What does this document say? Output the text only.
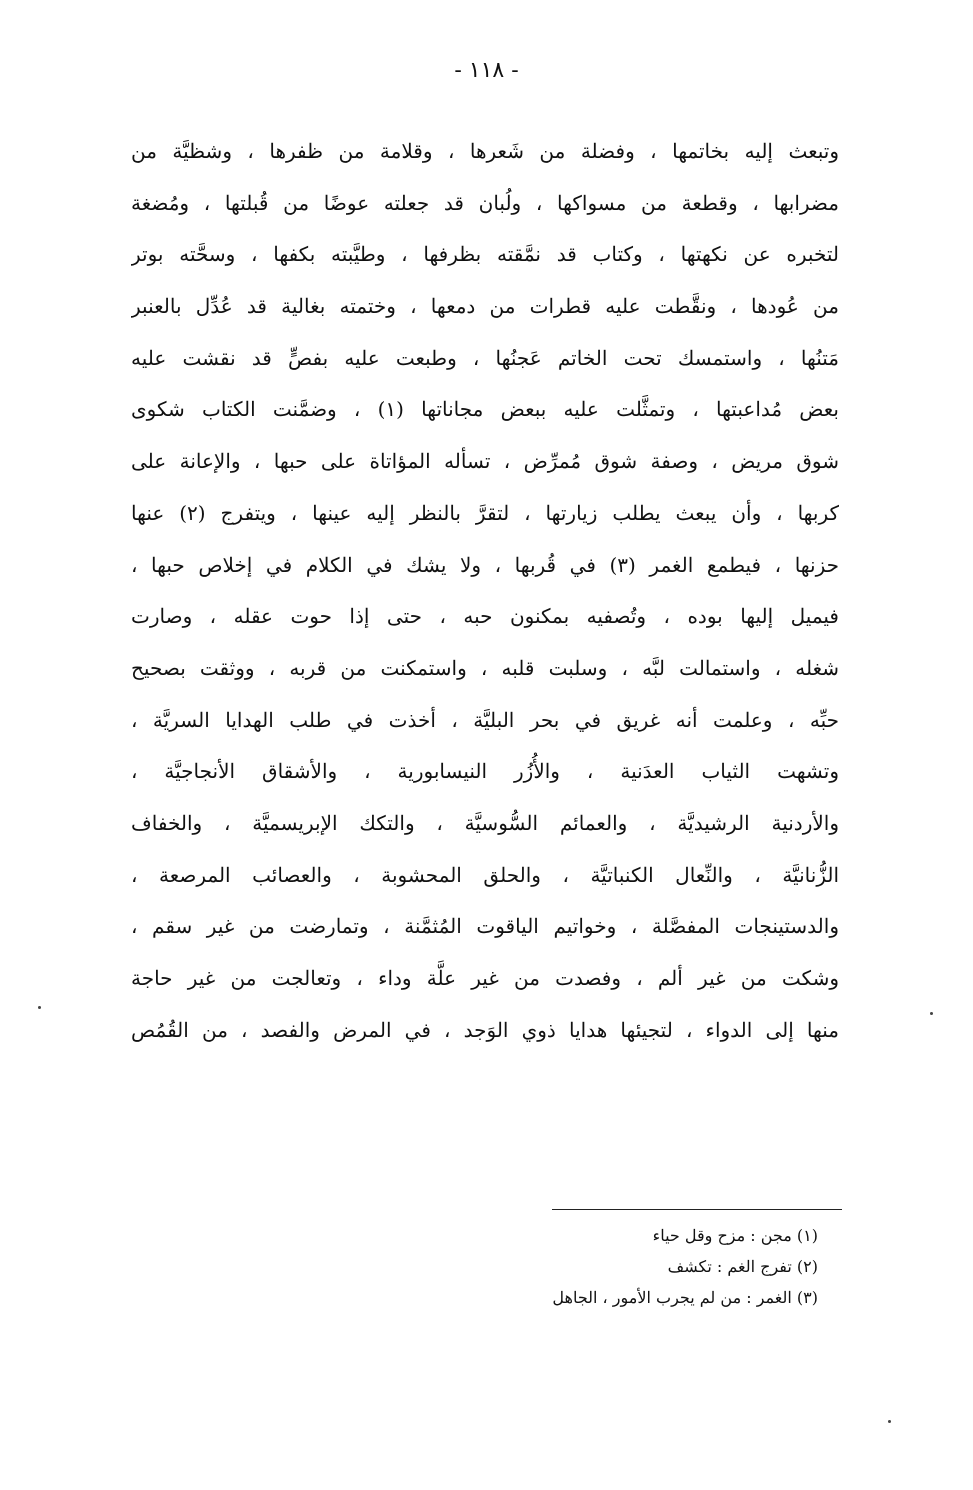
- ١١٨ -
وتبعث إليه بخاتمها ، وفضلة من شَعرها ، وقلامة من ظفرها ، وشظيَّة من
مضرابها ، وقطعة من مسواكها ، ولُبان قد جعلته عوضًا من قُبلتها ، ومُضغة
لتخبره عن نكهتها ، وكتاب قد نمَّقته بظرفها ، وطيَّبته بكفها ، وسحَّته بوتر
من عُودها ، ونقَّطت عليه قطرات من دمعها ، وختمته بغالية قد عُدِّل بالعنبر
مَتنُها ، واستمسك تحت الخاتم عَجنُها ، وطبعت عليه بفصٍّ قد نقشت عليه
بعض مُداعبتها ، وتمثَّلت عليه ببعض مجاناتها (١) ، وضمَّنت الكتاب شكوى
شوق مريض ، وصفة شوق مُمرِّض ، تسأله المؤاتاة على حبها ، والإعانة على
كربها ، وأن يبعث يطلب زيارتها ، لتقرَّ بالنظر إليه عينها ، ويتفرج (٢) عنها
حزنها ، فيطمع الغمر (٣) في قُربها ، ولا يشك في الكلام في إخلاص حبها ،
فيميل إليها بوده ، وتُصفيه بمكنون حبه ، حتى إذا حوت عقله ، وصارت
شغله ، واستمالت لبَّه ، وسلبت قلبه ، واستمكنت من قربه ، ووثقت بصحيح
حبِّه ، وعلمت أنه غريق في بحر البليَّة ، أخذت في طلب الهدايا السريَّة ،
وتشهت الثياب العدَنية ، والأُزُر النيسابورية ، والأشقاق الأنجاجيَّة ،
والأردنية الرشيديَّة ، والعمائم السُّوسيَّة ، والتكك الإبريسميَّة ، والخفاف
الزُّنانيَّة ، والنِّعال الكنباتيَّة ، والحلق المحشوبة ، والعصائب المرصعة ،
والدستينجات المفصَّلة ، وخواتيم الياقوت المُثمَّنة ، وتمارضت من غير سقم ،
وشكت من غير ألم ، وفصدت من غير علَّة وداء ، وتعالجت من غير حاجة
منها إلى الدواء ، لتجيئها هدايا ذوي الوَجد ، في المرض والفصد ، من القُمُص
(١) مجن : مزح وقل حياء
(٢) تفرج الغم : تكشف
(٣) الغمر : من لم يجرب الأمور ، الجاهل
